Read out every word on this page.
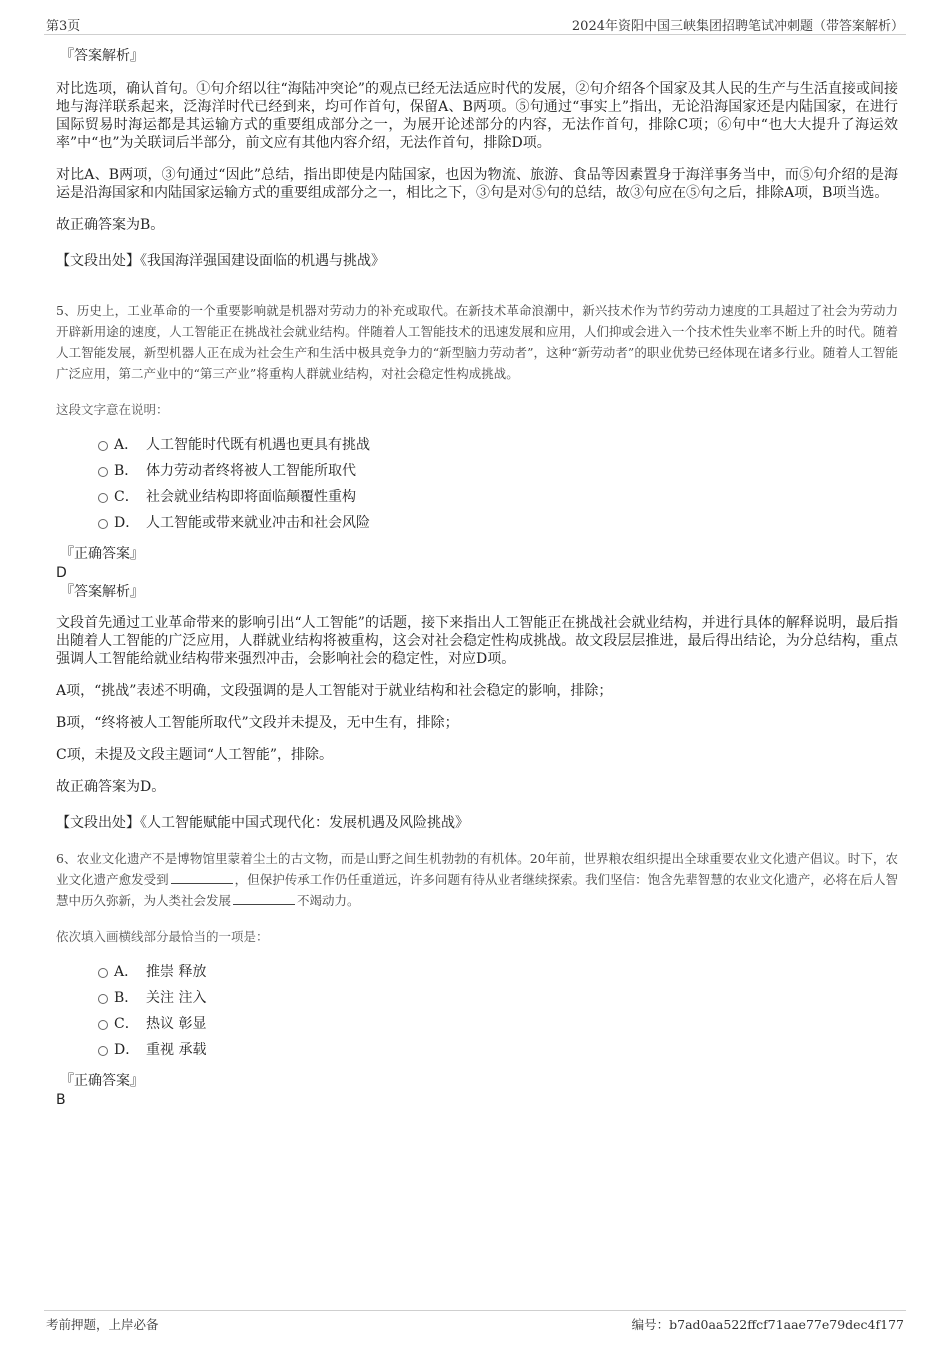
第3页	2024年资阳中国三峡集团招聘笔试冲刺题（带答案解析）

『答案解析』

对比选项，确认首句。①句介绍以往“海陆冲突论”的观点已经无法适应时代的发展，②句介绍各个国家及其人民的生产与生活直接或间接地与海洋联系起来，泛海洋时代已经到来，均可作首句，保留A、B两项。⑤句通过“事实上”指出，无论沿海国家还是内陆国家，在进行国际贸易时海运都是其运输方式的重要组成部分之一，为展开论述部分的内容，无法作首句，排除C项；⑥句中“也大大提升了海运效率”中“也”为关联词后半部分，前文应有其他内容介绍，无法作首句，排除D项。

对比A、B两项，③句通过“因此”总结，指出即使是内陆国家，也因为物流、旅游、食品等因素置身于海洋事务当中，而⑤句介绍的是海运是沿海国家和内陆国家运输方式的重要组成部分之一，相比之下，③句是对⑤句的总结，故③句应在⑤句之后，排除A项，B项当选。

故正确答案为B。

【文段出处】《我国海洋强国建设面临的机遇与挑战》

5、历史上，工业革命的一个重要影响就是机器对劳动力的补充或取代。在新技术革命浪潮中，新兴技术作为节约劳动力速度的工具超过了社会为劳动力开辟新用途的速度，人工智能正在挑战社会就业结构。伴随着人工智能技术的迅速发展和应用，人们抑或会进入一个技术性失业率不断上升的时代。随着人工智能发展，新型机器人正在成为社会生产和生活中极具竞争力的“新型脑力劳动者”，这种“新劳动者”的职业优势已经体现在诸多行业。随着人工智能广泛应用，第二产业中的“第三产业”将重构人群就业结构，对社会稳定性构成挑战。

这段文字意在说明：

A． 人工智能时代既有机遇也更具有挑战
B． 体力劳动者终将被人工智能所取代
C． 社会就业结构即将面临颠覆性重构
D． 人工智能或带来就业冲击和社会风险

『正确答案』

D

『答案解析』

文段首先通过工业革命带来的影响引出“人工智能”的话题，接下来指出人工智能正在挑战社会就业结构，并进行具体的解释说明，最后指出随着人工智能的广泛应用，人群就业结构将被重构，这会对社会稳定性构成挑战。故文段层层推进，最后得出结论，为分总结构，重点强调人工智能给就业结构带来强烈冲击，会影响社会的稳定性，对应D项。

A项，“挑战”表述不明确，文段强调的是人工智能对于就业结构和社会稳定的影响，排除；

B项，“终将被人工智能所取代”文段并未提及，无中生有，排除；

C项，未提及文段主题词“人工智能”，排除。

故正确答案为D。

【文段出处】《人工智能赋能中国式现代化：发展机遇及风险挑战》

6、农业文化遗产不是博物馆里蒙着尘土的古文物，而是山野之间生机勃勃的有机体。20年前，世界粮农组织提出全球重要农业文化遗产倡议。时下，农业文化遗产愈发受到	，但保护传承工作仍任重道远，许多问题有待从业者继续探索。我们坚信：饱含先辈智慧的农业文化遗产，必将在后人智慧中历久弥新，为人类社会发展	不竭动力。

依次填入画横线部分最恰当的一项是：

A． 推崇 释放
B． 关注 注入
C． 热议 彰显
D． 重视 承载

『正确答案』

B

考前押题，上岸必备	编号：b7ad0aa522ffcf71aae77e79dec4f177
